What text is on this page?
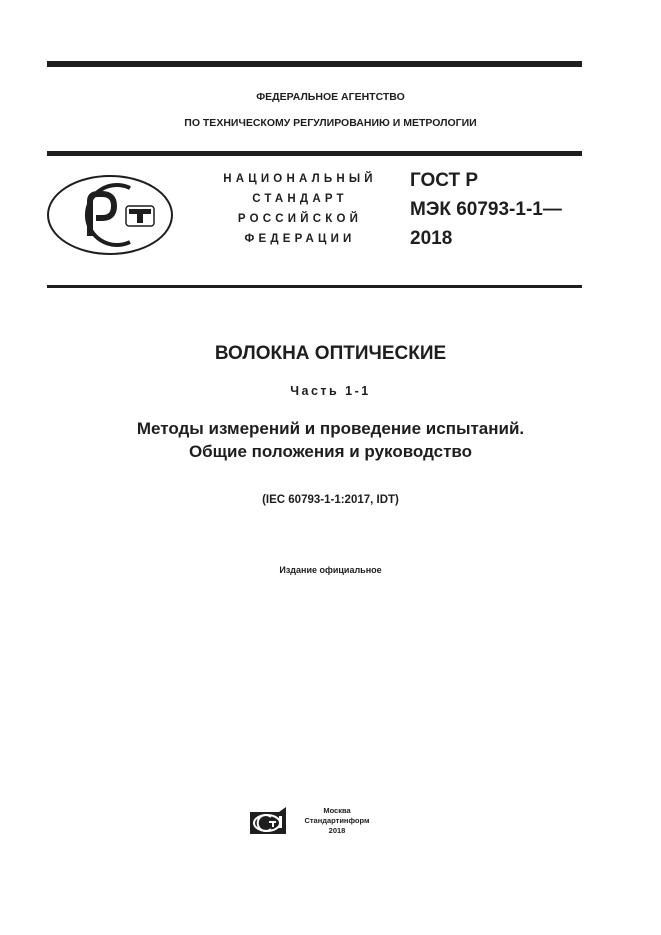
ФЕДЕРАЛЬНОЕ АГЕНТСТВО
ПО ТЕХНИЧЕСКОМУ РЕГУЛИРОВАНИЮ И МЕТРОЛОГИИ
НАЦИОНАЛЬНЫЙ
СТАНДАРТ
РОССИЙСКОЙ
ФЕДЕРАЦИИ
ГОСТ Р
МЭК 60793-1-1—
2018
ВОЛОКНА ОПТИЧЕСКИЕ
Часть 1-1
Методы измерений и проведение испытаний.
Общие положения и руководство
(IEC 60793-1-1:2017, IDT)
Издание официальное
Москва
Стандартинформ
2018
